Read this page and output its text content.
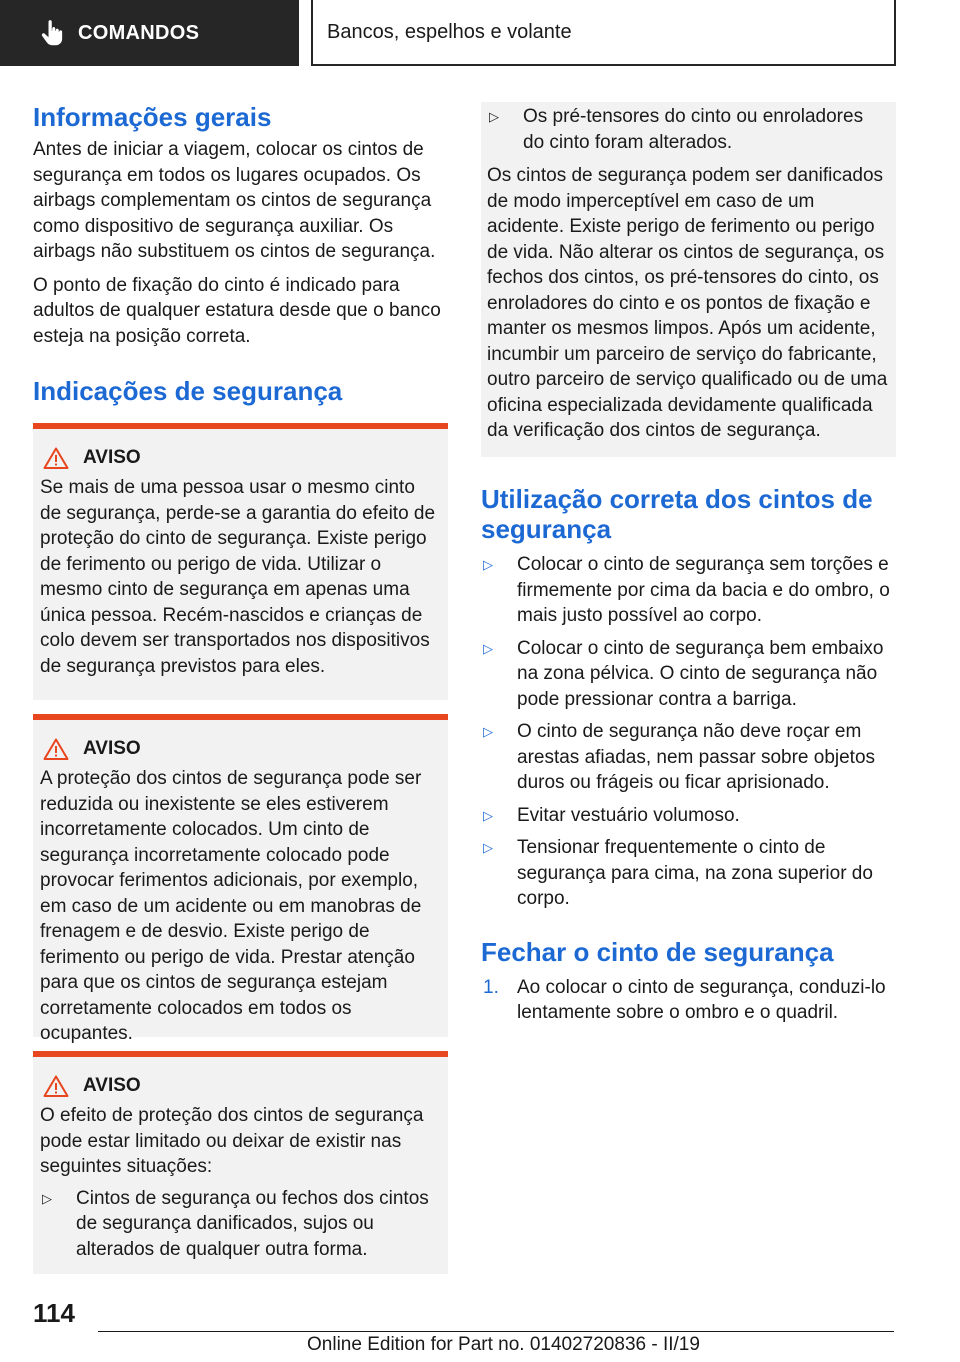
COMANDOS	Bancos, espelhos e volante
Informações gerais

Antes de iniciar a viagem, colocar os cintos de segurança em todos os lugares ocupados. Os airbags complementam os cintos de segurança como dispositivo de segurança auxiliar. Os airbags não substituem os cintos de segurança.

O ponto de fixação do cinto é indicado para adultos de qualquer estatura desde que o banco esteja na posição correta.

Indicações de segurança
AVISO

Se mais de uma pessoa usar o mesmo cinto de segurança, perde-se a garantia do efeito de proteção do cinto de segurança. Existe perigo de ferimento ou perigo de vida. Utilizar o mesmo cinto de segurança em apenas uma única pessoa. Recém-nascidos e crianças de colo devem ser transportados nos dispositivos de segurança previstos para eles.

AVISO

A proteção dos cintos de segurança pode ser reduzida ou inexistente se eles estiverem incorretamente colocados. Um cinto de segurança incorretamente colocado pode provocar ferimentos adicionais, por exemplo, em caso de um acidente ou em manobras de frenagem e de desvio. Existe perigo de ferimento ou perigo de vida. Prestar atenção para que os cintos de segurança estejam corretamente colocados em todos os ocupantes.

AVISO

O efeito de proteção dos cintos de segurança pode estar limitado ou deixar de existir nas seguintes situações:

▷	Cintos de segurança ou fechos dos cintos de segurança danificados, sujos ou alterados de qualquer outra forma.
▷	Os pré-tensores do cinto ou enroladores do cinto foram alterados.

Os cintos de segurança podem ser danificados de modo imperceptível em caso de um acidente. Existe perigo de ferimento ou perigo de vida. Não alterar os cintos de segurança, os fechos dos cintos, os pré-tensores do cinto, os enroladores do cinto e os pontos de fixação e manter os mesmos limpos. Após um acidente, incumbir um parceiro de serviço do fabricante, outro parceiro de serviço qualificado ou de uma oficina especializada devidamente qualificada da verificação dos cintos de segurança.

Utilização correta dos cintos de segurança
▷	Colocar o cinto de segurança sem torções e firmemente por cima da bacia e do ombro, o mais justo possível ao corpo.
▷	Colocar o cinto de segurança bem embaixo na zona pélvica. O cinto de segurança não pode pressionar contra a barriga.
▷	O cinto de segurança não deve roçar em arestas afiadas, nem passar sobre objetos duros ou frágeis ou ficar aprisionado.
▷	Evitar vestuário volumoso.
▷	Tensionar frequentemente o cinto de segurança para cima, na zona superior do corpo.
Fechar o cinto de segurança
1. Ao colocar o cinto de segurança, conduzi-lo lentamente sobre o ombro e o quadril.
114
Online Edition for Part no. 01402720836 - II/19
